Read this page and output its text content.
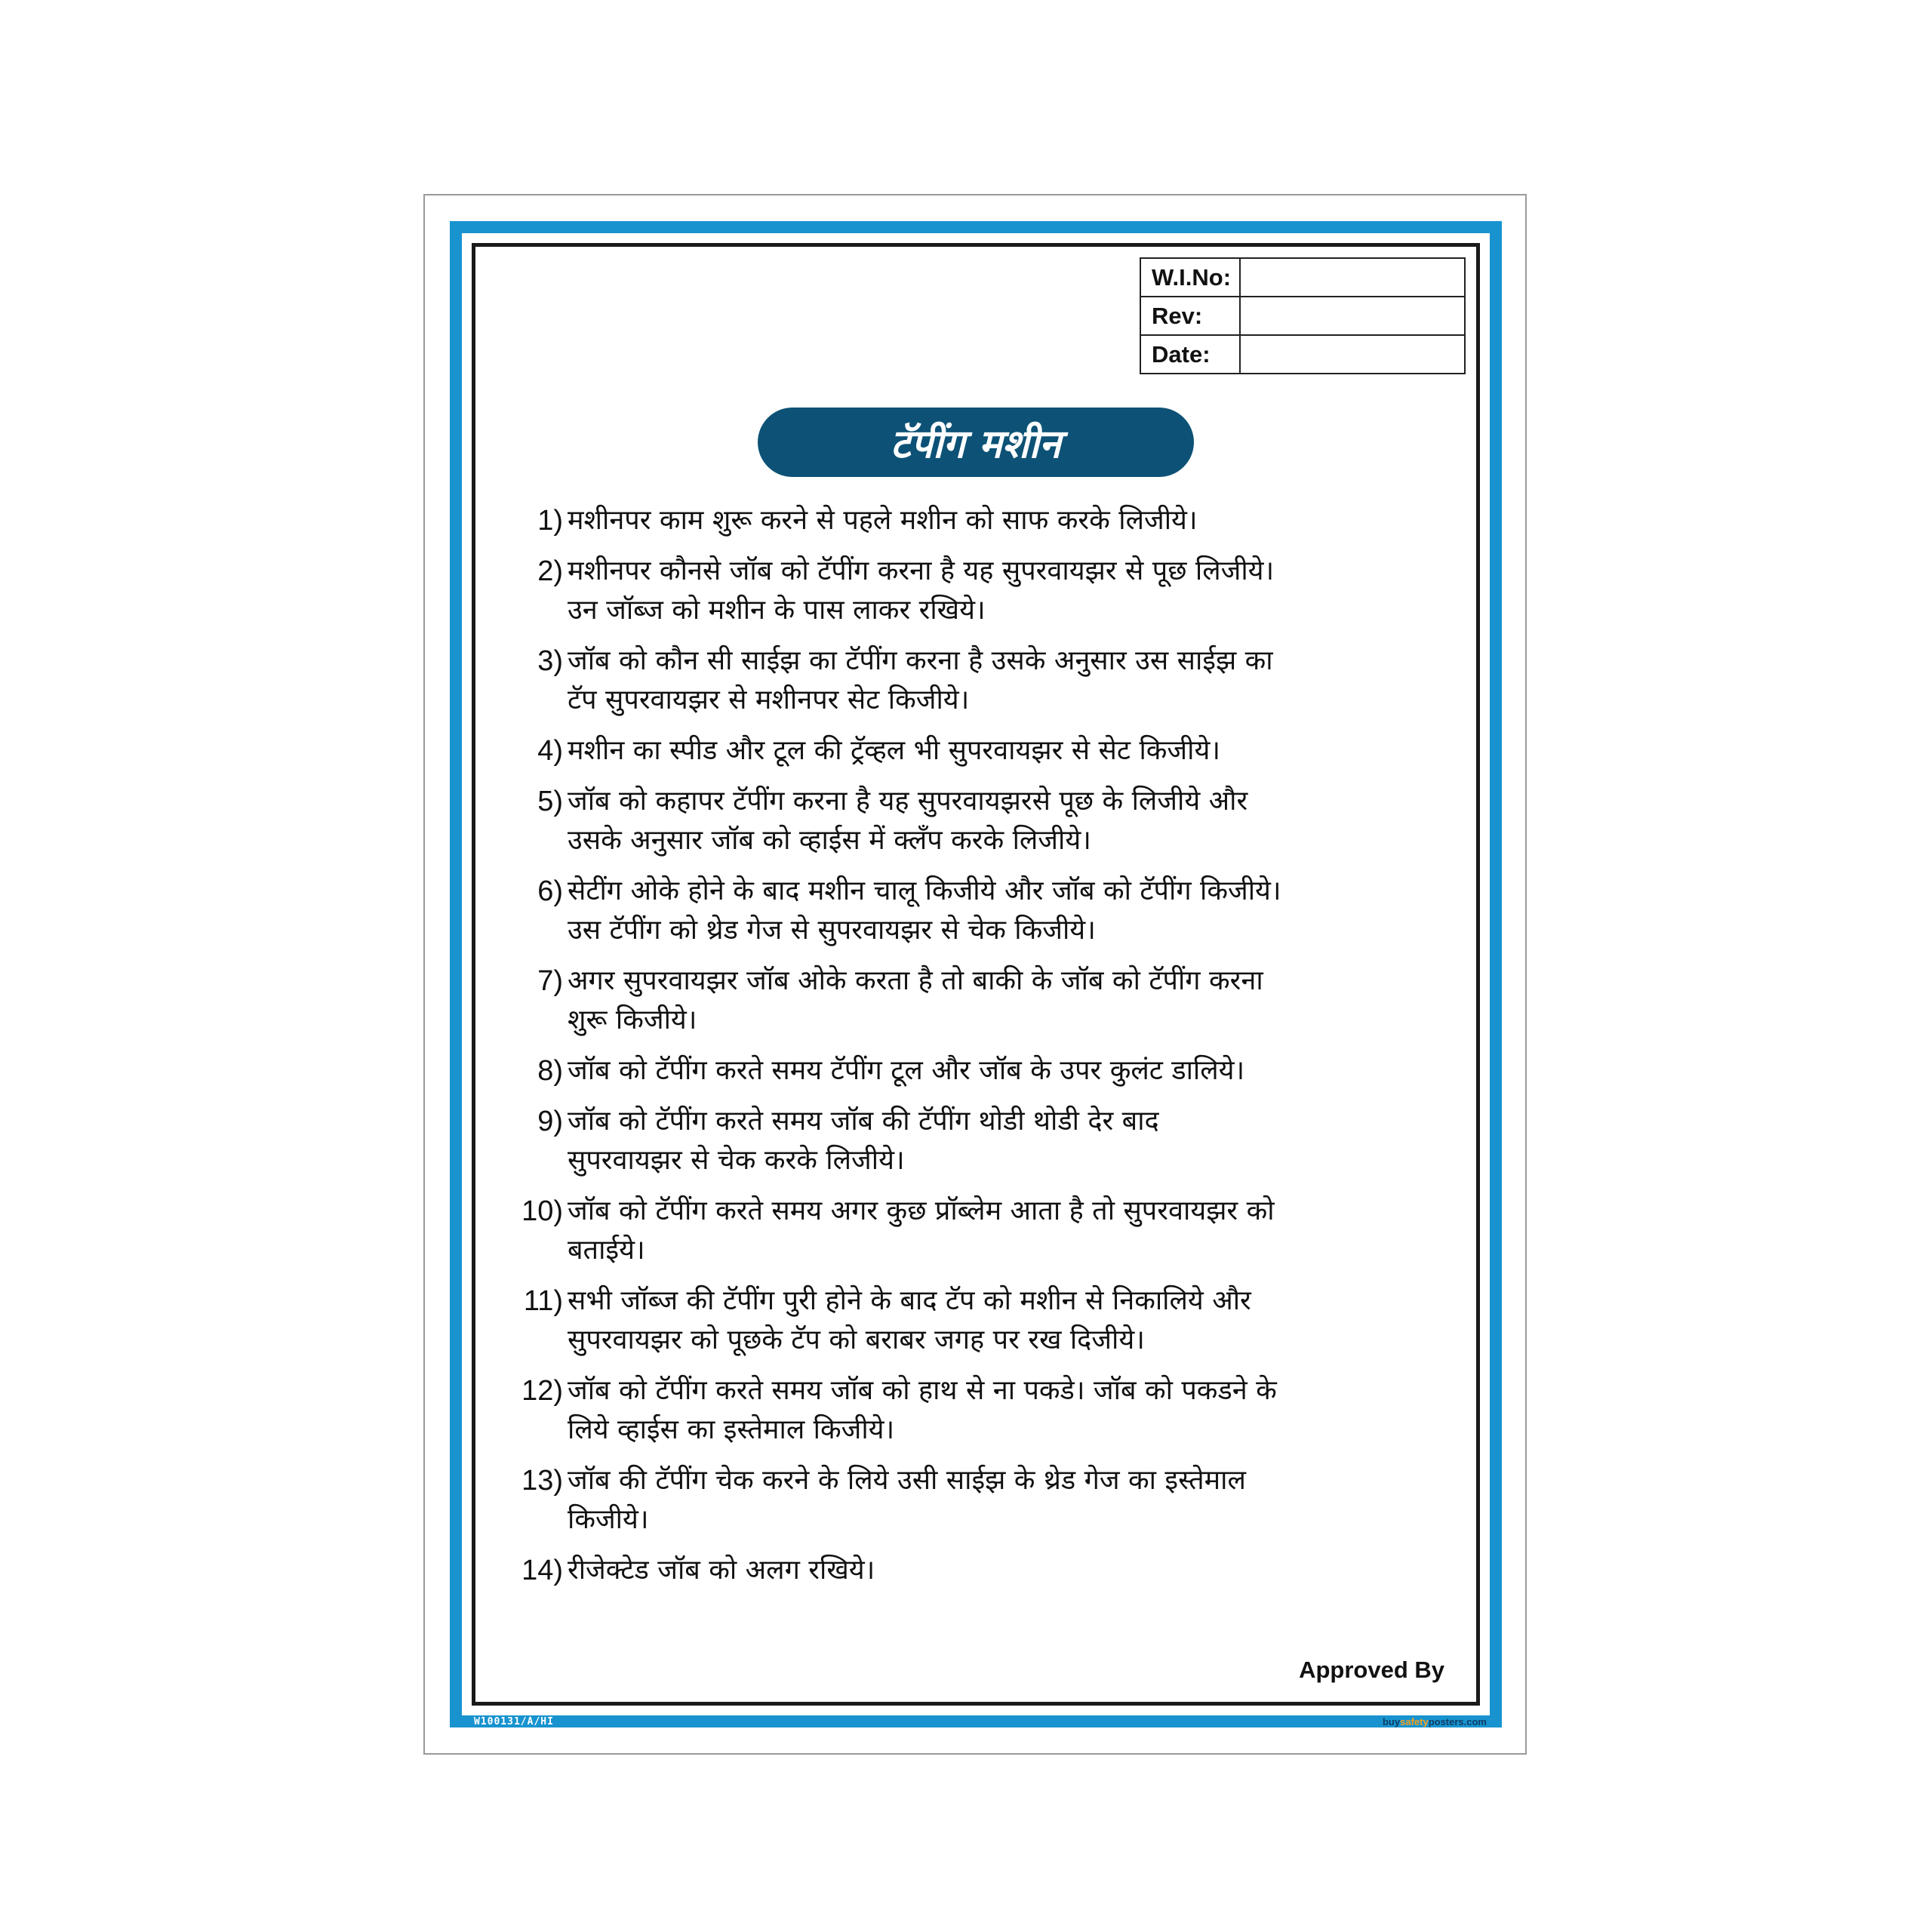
W.I.No:	
Rev:	
Date:	
टॅपींग मशीन
1) मशीनपर काम शुरू करने से पहले मशीन को साफ करके लिजीये।
2) मशीनपर कौनसे जॉब को टॅपींग करना है यह सुपरवायझर से पूछ लिजीये।
उन जॉब्ज को मशीन के पास लाकर रखिये।
3) जॉब को कौन सी साईझ का टॅपींग करना है उसके अनुसार उस साईझ का
टॅप सुपरवायझर से मशीनपर सेट किजीये।
4) मशीन का स्पीड और टूल की ट्रॅव्हल भी सुपरवायझर से सेट किजीये।
5) जॉब को कहापर टॅपींग करना है यह सुपरवायझरसे पूछ के लिजीये और
उसके अनुसार जॉब को व्हाईस में क्लॅंप करके लिजीये।
6) सेटींग ओके होने के बाद मशीन चालू किजीये और जॉब को टॅपींग किजीये।
उस टॅपींग को थ्रेड गेज से सुपरवायझर से चेक किजीये।
7) अगर सुपरवायझर जॉब ओके करता है तो बाकी के जॉब को टॅपींग करना
शुरू किजीये।
8) जॉब को टॅपींग करते समय टॅपींग टूल और जॉब के उपर कुलंट डालिये।
9) जॉब को टॅपींग करते समय जॉब की टॅपींग थोडी थोडी देर बाद
सुपरवायझर से चेक करके लिजीये।
10) जॉब को टॅपींग करते समय अगर कुछ प्रॉब्लेम आता है तो सुपरवायझर को
बताईये।
11) सभी जॉब्ज की टॅपींग पुरी होने के बाद टॅप को मशीन से निकालिये और
सुपरवायझर को पूछके टॅप को बराबर जगह पर रख दिजीये।
12) जॉब को टॅपींग करते समय जॉब को हाथ से ना पकडे। जॉब को पकडने के
लिये व्हाईस का इस्तेमाल किजीये।
13) जॉब की टॅपींग चेक करने के लिये उसी साईझ के थ्रेड गेज का इस्तेमाल
किजीये।
14) रीजेक्टेड जॉब को अलग रखिये।
Approved By
W100131/A/HI	buysafetyposters.com
COPYRIGHT PROTECTED
